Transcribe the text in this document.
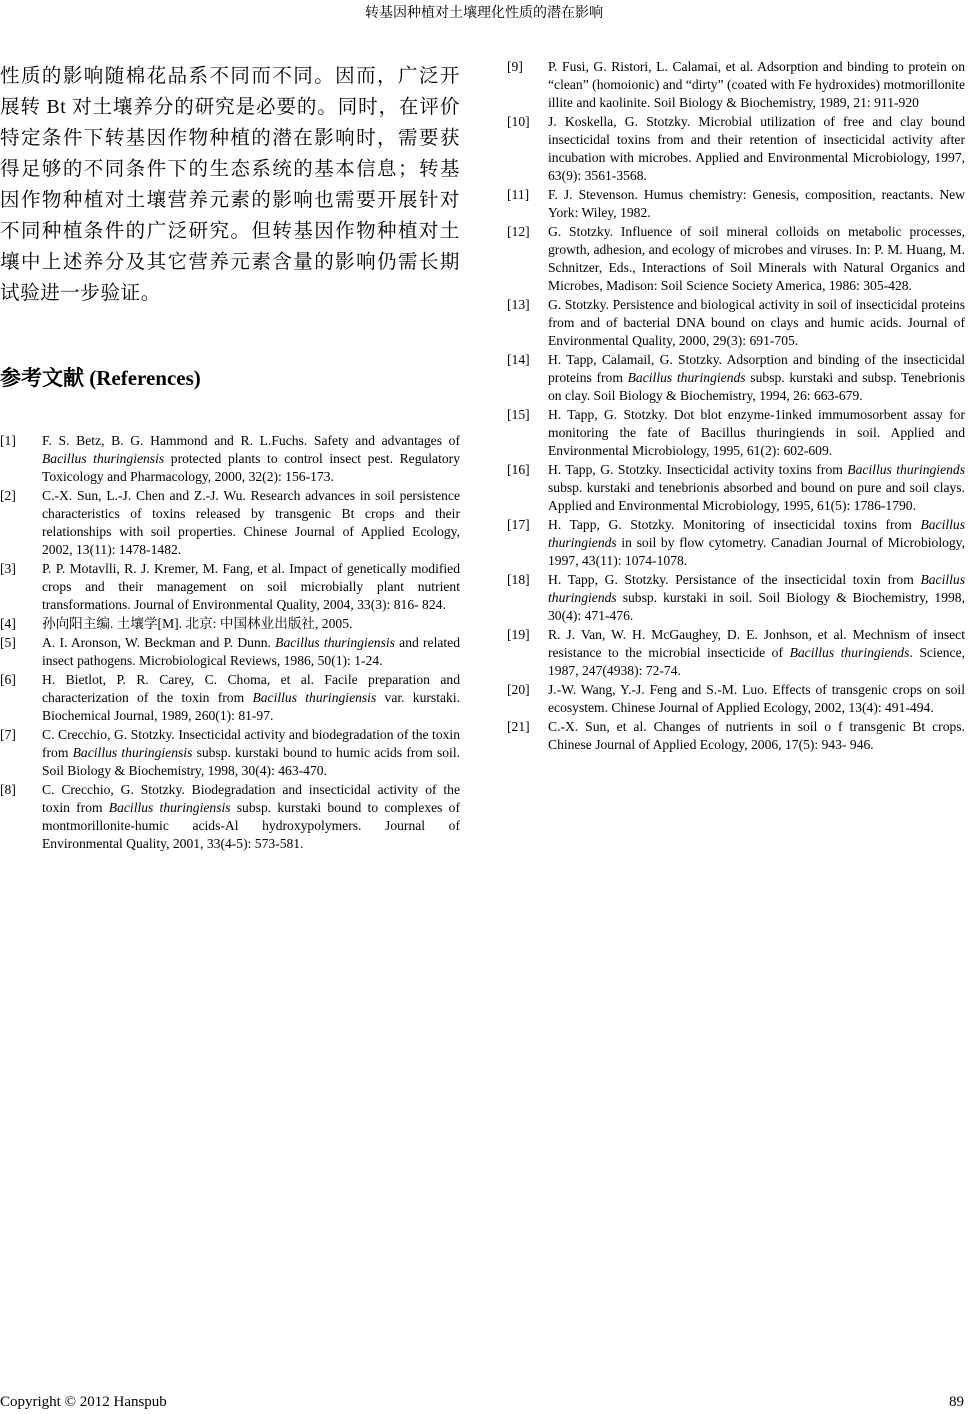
转基因种植对土壤理化性质的潜在影响
性质的影响随棉花品系不同而不同。因而，广泛开展转 Bt 对土壤养分的研究是必要的。同时，在评价特定条件下转基因作物种植的潜在影响时，需要获得足够的不同条件下的生态系统的基本信息；转基因作物种植对土壤营养元素的影响也需要开展针对不同种植条件的广泛研究。但转基因作物种植对土壤中上述养分及其它营养元素含量的影响仍需长期试验进一步验证。
参考文献 (References)
[1] F. S. Betz, B. G. Hammond and R. L.Fuchs. Safety and advantages of Bacillus thuringiensis protected plants to control insect pest. Regulatory Toxicology and Pharmacology, 2000, 32(2): 156-173.
[2] C.-X. Sun, L.-J. Chen and Z.-J. Wu. Research advances in soil persistence characteristics of toxins released by transgenic Bt crops and their relationships with soil properties. Chinese Journal of Applied Ecology, 2002, 13(11): 1478-1482.
[3] P. P. Motavlli, R. J. Kremer, M. Fang, et al. Impact of genetically modified crops and their management on soil microbially plant nutrient transformations. Journal of Environmental Quality, 2004, 33(3): 816- 824.
[4] 孙向阳主编. 土壤学[M]. 北京: 中国林业出版社, 2005.
[5] A. I. Aronson, W. Beckman and P. Dunn. Bacillus thuringiensis and related insect pathogens. Microbiological Reviews, 1986, 50(1): 1-24.
[6] H. Bietlot, P. R. Carey, C. Choma, et al. Facile preparation and characterization of the toxin from Bacillus thuringiensis var. kurstaki. Biochemical Journal, 1989, 260(1): 81-97.
[7] C. Crecchio, G. Stotzky. Insecticidal activity and biodegradation of the toxin from Bacillus thuringiensis subsp. kurstaki bound to humic acids from soil. Soil Biology & Biochemistry, 1998, 30(4): 463-470.
[8] C. Crecchio, G. Stotzky. Biodegradation and insecticidal activity of the toxin from Bacillus thuringiensis subsp. kurstaki bound to complexes of montmorillonite-humic acids-Al hydroxypolymers. Journal of Environmental Quality, 2001, 33(4-5): 573-581.
[9] P. Fusi, G. Ristori, L. Calamai, et al. Adsorption and binding to protein on “clean” (homoionic) and “dirty” (coated with Fe hydroxides) motmorillonite illite and kaolinite. Soil Biology & Biochemistry, 1989, 21: 911-920
[10] J. Koskella, G. Stotzky. Microbial utilization of free and clay bound insecticidal toxins from and their retention of insecticidal activity after incubation with microbes. Applied and Environmental Microbiology, 1997, 63(9): 3561-3568.
[11] F. J. Stevenson. Humus chemistry: Genesis, composition, reactants. New York: Wiley, 1982.
[12] G. Stotzky. Influence of soil mineral colloids on metabolic processes, growth, adhesion, and ecology of microbes and viruses. In: P. M. Huang, M. Schnitzer, Eds., Interactions of Soil Minerals with Natural Organics and Microbes, Madison: Soil Science Society America, 1986: 305-428.
[13] G. Stotzky. Persistence and biological activity in soil of insecticidal proteins from and of bacterial DNA bound on clays and humic acids. Journal of Environmental Quality, 2000, 29(3): 691-705.
[14] H. Tapp, Calamail, G. Stotzky. Adsorption and binding of the insecticidal proteins from Bacillus thuringiends subsp. kurstaki and subsp. Tenebrionis on clay. Soil Biology & Biochemistry, 1994, 26: 663-679.
[15] H. Tapp, G. Stotzky. Dot blot enzyme-1inked immumosorbent assay for monitoring the fate of Bacillus thuringiends in soil. Applied and Environmental Microbiology, 1995, 61(2): 602-609.
[16] H. Tapp, G. Stotzky. Insecticidal activity toxins from Bacillus thuringiends subsp. kurstaki and tenebrionis absorbed and bound on pure and soil clays. Applied and Environmental Microbiology, 1995, 61(5): 1786-1790.
[17] H. Tapp, G. Stotzky. Monitoring of insecticidal toxins from Bacillus thuringiends in soil by flow cytometry. Canadian Journal of Microbiology, 1997, 43(11): 1074-1078.
[18] H. Tapp, G. Stotzky. Persistance of the insecticidal toxin from Bacillus thuringiends subsp. kurstaki in soil. Soil Biology & Biochemistry, 1998, 30(4): 471-476.
[19] R. J. Van, W. H. McGaughey, D. E. Jonhson, et al. Mechnism of insect resistance to the microbial insecticide of Bacillus thuringiends. Science, 1987, 247(4938): 72-74.
[20] J.-W. Wang, Y.-J. Feng and S.-M. Luo. Effects of transgenic crops on soil ecosystem. Chinese Journal of Applied Ecology, 2002, 13(4): 491-494.
[21] C.-X. Sun, et al. Changes of nutrients in soil o f transgenic Bt crops. Chinese Journal of Applied Ecology, 2006, 17(5): 943- 946.
Copyright © 2012 Hanspub	89
